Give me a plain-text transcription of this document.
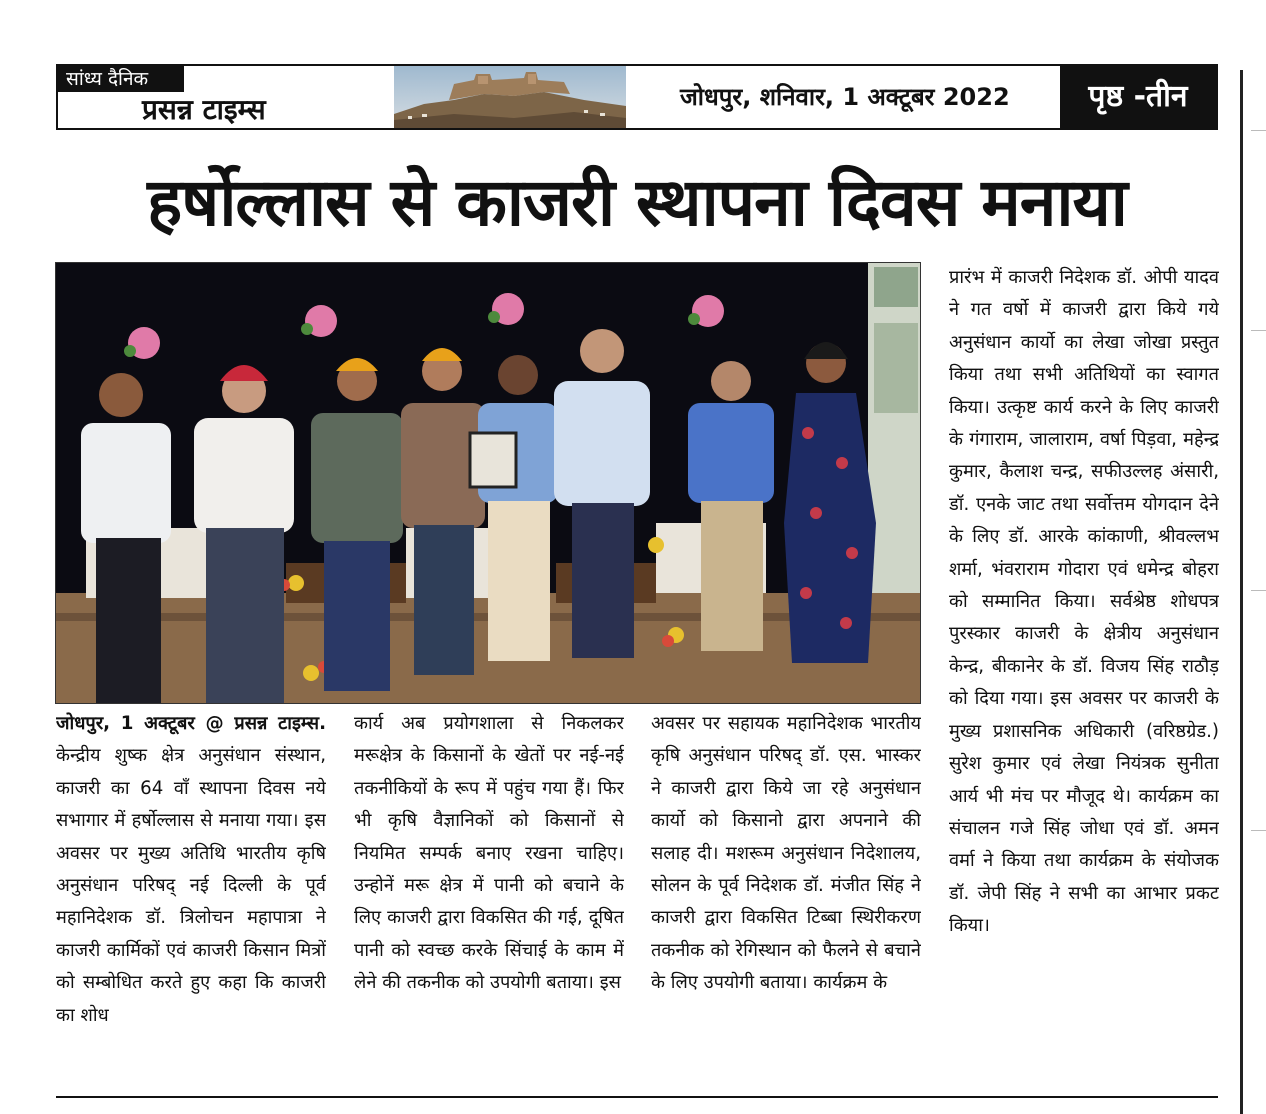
सांध्य दैनिक
प्रसन्न टाइम्स	जोधपुर, शनिवार, 1 अक्टूबर 2022	पृष्ठ -तीन
हर्षोल्लास से काजरी स्थापना दिवस मनाया
जोधपुर, 1 अक्टूबर @ प्रसन्न टाइम्स. केन्द्रीय शुष्क क्षेत्र अनुसंधान संस्थान, काजरी का 64 वाँ स्थापना दिवस नये सभागार में हर्षोल्लास से मनाया गया। इस अवसर पर मुख्य अतिथि भारतीय कृषि अनुसंधान परिषद् नई दिल्ली के पूर्व महानिदेशक डॉ. त्रिलोचन महापात्रा ने काजरी कार्मिकों एवं काजरी किसान मित्रों को सम्बोधित करते हुए कहा कि काजरी का शोध
कार्य अब प्रयोगशाला से निकलकर मरूक्षेत्र के किसानों के खेतों पर नई-नई तकनीकियों के रूप में पहुंच गया हैं। फिर भी कृषि वैज्ञानिकों को किसानों से नियमित सम्पर्क बनाए रखना चाहिए। उन्होनें मरू क्षेत्र में पानी को बचाने के लिए काजरी द्वारा विकसित की गई, दूषित पानी को स्वच्छ करके सिंचाई के काम में लेने की तकनीक को उपयोगी बताया। इस
अवसर पर सहायक महानिदेशक भारतीय कृषि अनुसंधान परिषद् डॉ. एस. भास्कर ने काजरी द्वारा किये जा रहे अनुसंधान कार्यो को किसानो द्वारा अपनाने की सलाह दी। मशरूम अनुसंधान निदेशालय, सोलन के पूर्व निदेशक डॉ. मंजीत सिंह ने काजरी द्वारा विकसित टिब्बा स्थिरीकरण तकनीक को रेगिस्थान को फैलने से बचाने के लिए उपयोगी बताया। कार्यक्रम के
प्रारंभ में काजरी निदेशक डॉ. ओपी यादव ने गत वर्षो में काजरी द्वारा किये गये अनुसंधान कार्यो का लेखा जोखा प्रस्तुत किया तथा सभी अतिथियों का स्वागत किया। उत्कृष्ट कार्य करने के लिए काजरी के गंगाराम, जालाराम, वर्षा पिड़वा, महेन्द्र कुमार, कैलाश चन्द्र, सफीउल्लह अंसारी, डॉ. एनके जाट तथा सर्वोत्तम योगदान देने के लिए डॉ. आरके कांकाणी, श्रीवल्लभ शर्मा, भंवराराम गोदारा एवं धमेन्द्र बोहरा को सम्मानित किया। सर्वश्रेष्ठ शोधपत्र पुरस्कार काजरी के क्षेत्रीय अनुसंधान केन्द्र, बीकानेर के डॉ. विजय सिंह राठौड़ को दिया गया। इस अवसर पर काजरी के मुख्य प्रशासनिक अधिकारी (वरिष्ठग्रेड.) सुरेश कुमार एवं लेखा नियंत्रक सुनीता आर्य भी मंच पर मौजूद थे। कार्यक्रम का संचालन गजे सिंह जोधा एवं डॉ. अमन वर्मा ने किया तथा कार्यक्रम के संयोजक डॉ. जेपी सिंह ने सभी का आभार प्रकट किया।
